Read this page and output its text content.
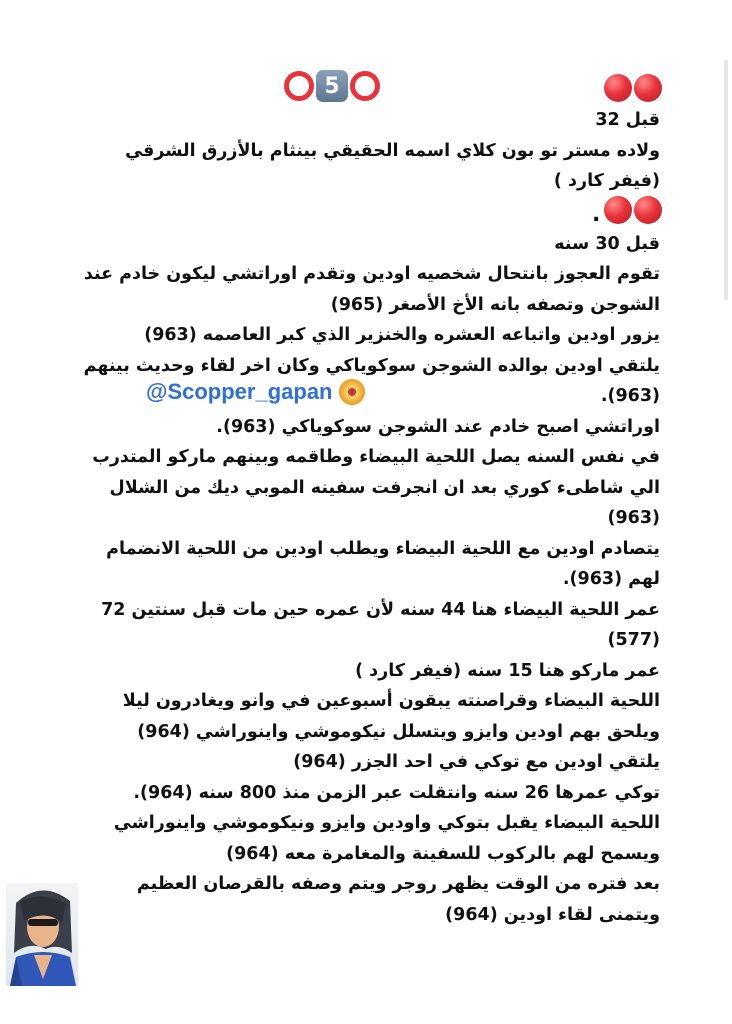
5
.

قبل 32

ولاده مستر تو بون كلاي اسمه الحقيقي بينثام بالأزرق الشرقي (فيفر كارد )

قبل 30 سنه

تقوم العجوز بانتحال شخصيه اودين وتقدم اوراتشي ليكون خادم عند الشوجن وتصفه بانه الأخ الأصغر (965)

يزور اودين واتباعه العشره والخنزير الذي كبر العاصمه (963)

يلتقي اودين بوالده الشوجن سوكوياكي وكان اخر لقاء وحديث بينهم

(963).

اوراتشي اصبح خادم عند الشوجن سوكوياكي (963).

في نفس السنه يصل اللحية البيضاء وطاقمه وبينهم ماركو المتدرب الي شاطىء كوري بعد ان انجرفت سفينه الموبي ديك من الشلال (963)

يتصادم اودين مع اللحية البيضاء ويطلب اودين من اللحية الانضمام لهم (963).

عمر اللحية البيضاء هنا 44 سنه لأن عمره حين مات قبل سنتين 72 (577)

عمر ماركو هنا 15 سنه (فيفر كارد )

اللحية البيضاء وقراصنته يبقون أسبوعين في وانو ويغادرون ليلا ويلحق بهم اودين وايزو ويتسلل نيكوموشي واينوراشي (964)

يلتقي اودين مع توكي في احد الجزر (964)

توكي عمرها 26 سنه وانتقلت عبر الزمن منذ 800 سنه (964).

اللحية البيضاء يقبل بتوكي واودين وايزو ونيكوموشي واينوراشي ويسمح لهم بالركوب للسفينة والمغامرة معه (964)

بعد فتره من الوقت يظهر روجر ويتم وصفه بالقرصان العظيم ويتمنى لقاء اودين (964)

@Scopper_gapan
